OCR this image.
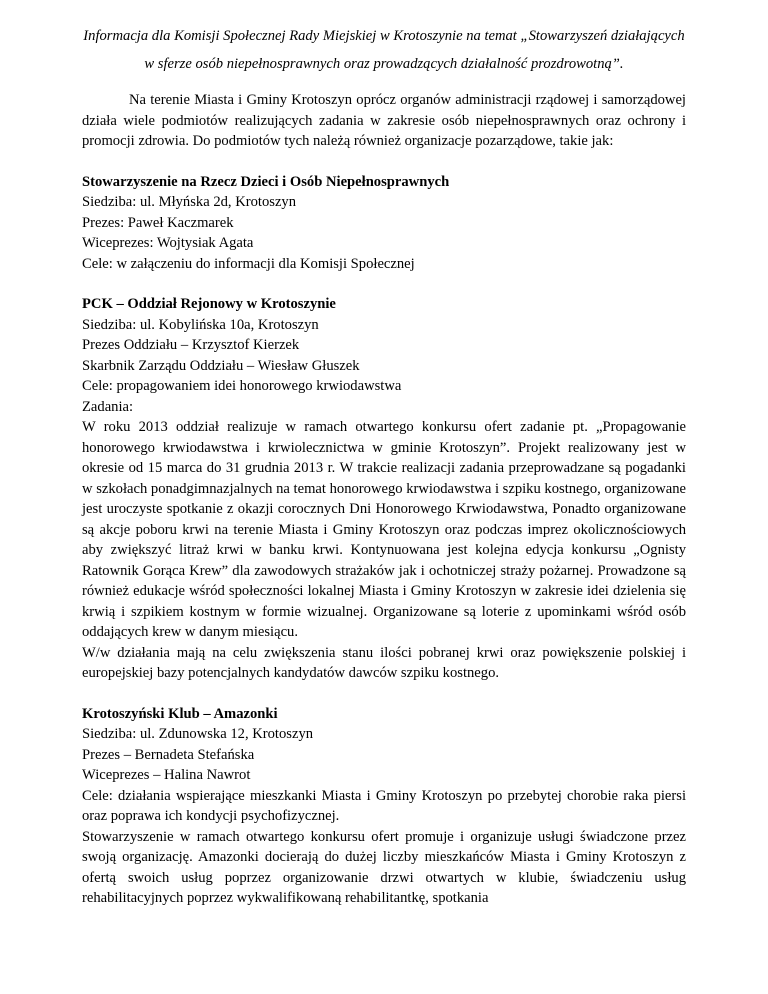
Informacja dla Komisji Społecznej Rady Miejskiej w Krotoszynie na temat „Stowarzyszeń działających w sferze osób niepełnosprawnych oraz prowadzących działalność prozdrowotną”.

Na terenie Miasta i Gminy Krotoszyn oprócz organów administracji rządowej i samorządowej działa wiele podmiotów realizujących zadania w zakresie osób niepełnosprawnych oraz ochrony i promocji zdrowia. Do podmiotów tych należą również organizacje pozarządowe, takie jak:

Stowarzyszenie na Rzecz Dzieci i Osób Niepełnosprawnych

Siedziba: ul. Młyńska 2d, Krotoszyn

Prezes: Paweł Kaczmarek

Wiceprezes: Wojtysiak Agata

Cele: w załączeniu do informacji dla Komisji Społecznej

PCK – Oddział Rejonowy w Krotoszynie

Siedziba: ul. Kobylińska 10a, Krotoszyn

Prezes Oddziału – Krzysztof Kierzek

Skarbnik Zarządu Oddziału – Wiesław Głuszek

Cele: propagowaniem idei honorowego krwiodawstwa

Zadania:

W roku 2013 oddział realizuje w ramach otwartego konkursu ofert zadanie pt. „Propagowanie honorowego krwiodawstwa i krwiolecznictwa w gminie Krotoszyn”. Projekt realizowany jest w okresie od 15 marca do 31 grudnia 2013 r. W trakcie realizacji zadania przeprowadzane są pogadanki w szkołach ponadgimnazjalnych na temat honorowego krwiodawstwa i szpiku kostnego, organizowane jest uroczyste spotkanie z okazji corocznych Dni Honorowego Krwiodawstwa, Ponadto organizowane są akcje poboru krwi na terenie Miasta i Gminy Krotoszyn oraz podczas imprez okolicznościowych aby zwiększyć litraż krwi w banku krwi. Kontynuowana jest kolejna edycja konkursu „Ognisty Ratownik Gorąca Krew” dla zawodowych strażaków jak i ochotniczej straży pożarnej. Prowadzone są również edukacje wśród społeczności lokalnej Miasta i Gminy Krotoszyn w zakresie idei dzielenia się krwią i szpikiem kostnym w formie wizualnej. Organizowane są loterie z upominkami wśród osób oddających krew w danym miesiącu.

W/w działania mają na celu zwiększenia stanu ilości pobranej krwi oraz powiększenie polskiej i europejskiej bazy potencjalnych kandydatów dawców szpiku kostnego.

Krotoszyński Klub – Amazonki

Siedziba: ul. Zdunowska 12, Krotoszyn

Prezes – Bernadeta Stefańska

Wiceprezes – Halina Nawrot

Cele: działania wspierające mieszkanki Miasta i Gminy Krotoszyn po przebytej chorobie raka piersi oraz poprawa ich kondycji psychofizycznej.

Stowarzyszenie w ramach otwartego konkursu ofert promuje i organizuje usługi świadczone przez swoją organizację. Amazonki docierają do dużej liczby mieszkańców Miasta i Gminy Krotoszyn z ofertą swoich usług poprzez organizowanie drzwi otwartych w klubie, świadczeniu usług rehabilitacyjnych poprzez wykwalifikowaną rehabilitantkę, spotkania
